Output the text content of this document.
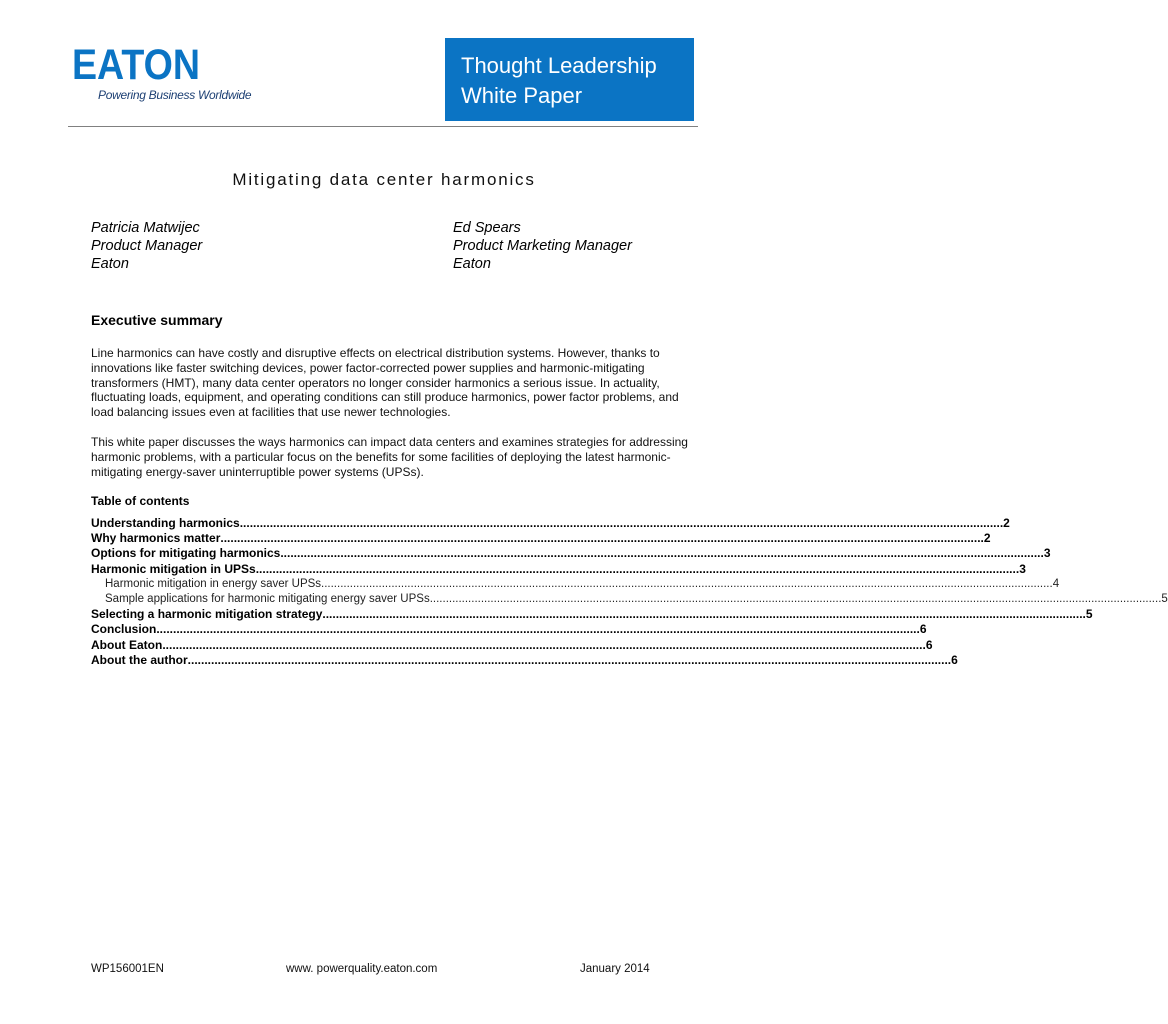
EATON
Powering Business Worldwide
Thought Leadership
White Paper
Mitigating data center harmonics
Patricia Matwijec
Product Manager
Eaton
Ed Spears
Product Marketing Manager
Eaton
Executive summary
Line harmonics can have costly and disruptive effects on electrical distribution systems. However, thanks to innovations like faster switching devices, power factor-corrected power supplies and harmonic-mitigating transformers (HMT), many data center operators no longer consider harmonics a serious issue. In actuality, fluctuating loads, equipment, and operating conditions can still produce harmonics, power factor problems, and load balancing issues even at facilities that use newer technologies.
This white paper discusses the ways harmonics can impact data centers and examines strategies for addressing harmonic problems, with a particular focus on the benefits for some facilities of deploying the latest harmonic-mitigating energy-saver uninterruptible power systems (UPSs).
Table of contents
Understanding harmonics .....	2
Why harmonics matter .....	2
Options for mitigating harmonics .....	3
Harmonic mitigation in UPSs .....	3
Harmonic mitigation in energy saver UPSs .....	4
Sample applications for harmonic mitigating energy saver UPSs .....	5
Selecting a harmonic mitigation strategy .....	5
Conclusion .....	6
About Eaton .....	6
About the author .....	6
WP156001EN	www. powerquality.eaton.com	January 2014
